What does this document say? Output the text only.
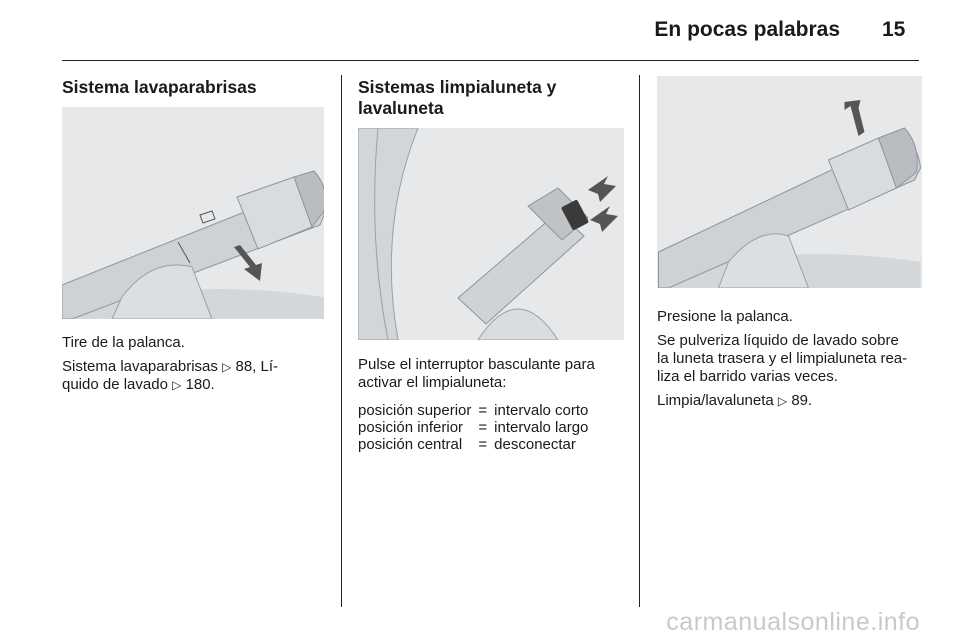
En pocas palabras 15

Sistema lavaparabrisas

Tire de la palanca.

Sistema lavaparabrisas ▷ 88, Lí-
quido de lavado ▷ 180.

Sistemas limpialuneta y

lavaluneta

Pulse el interruptor basculante para
activar el limpialuneta:

posición superior	=	intervalo corto
posición inferior	=	intervalo largo
posición central	=	desconectar

Presione la palanca.

Se pulveriza líquido de lavado sobre
la luneta trasera y el limpialuneta rea-
liza el barrido varias veces.

Limpia/lavaluneta ▷ 89.

carmanualsonline.info
